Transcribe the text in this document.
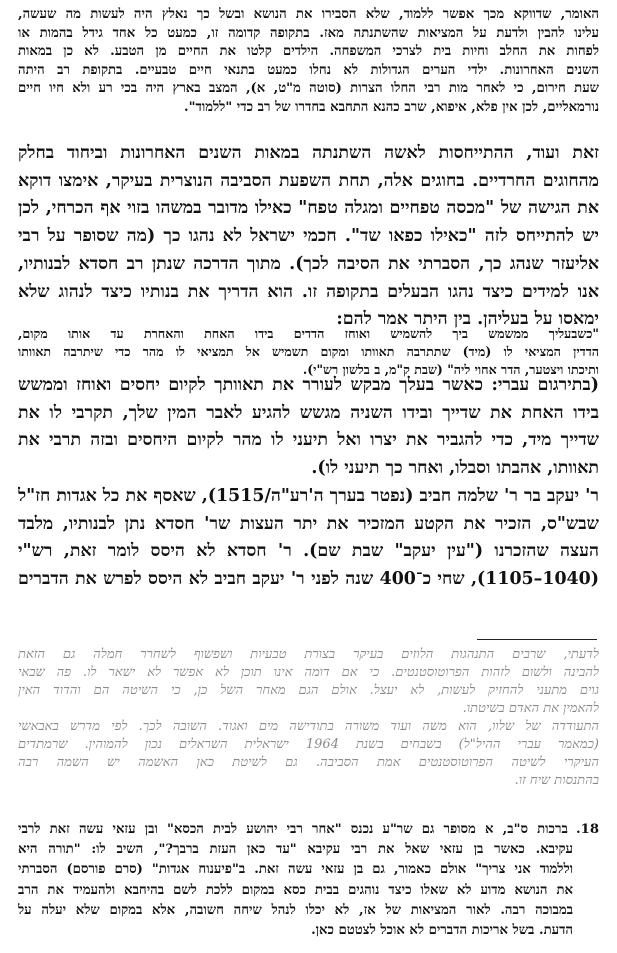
האומר, שדווקא מכך אפשר ללמוד, שלא הסבירו את הנושא ובשל כך נאלץ היה לעשות מה שעשה,
עלינו להבין ולדעת על המציאות שהשתנתה מאז. בתקופה קדומה זו, כמעט כל אחד גידל בהמות או
לפחות את החלב וחיות בית לצרכי המשפחה. הילדים קלטו את החיים מן הטבע. לא כן במאות
השנים האחרונות. ילדי הערים הגדולות לא נחלו כמעט בתנאי חיים טבעיים. בתקופת רב היתה
שעת חירום, כי לאחר מות רבי החלו הצרות (סוטה מ"ט, א), המצב בארץ היה בכי רע ולא חיו חיים
נורמאליים, לכן אין פלא, איפוא, שרב כהנא התחבא בחדרו של רב כדי "ללמוד".
זאת ועוד, ההתייחסות לאשה השתנתה במאות השנים האחרונות וביחוד בחלק
מהחוגים החרדיים. בחוגים אלה, תחת השפעת הסביבה הנוצרית בעיקר, אימצו דוקא
את הגישה של "מכסה טפחיים ומגלה טפח" כאילו מדובר במשהו בזוי אף הכרחי, לכן
יש להתייחס לזה "כאילו כפאו שד". חכמי ישראל לא נהגו כך (מה שסופר על רבי
אליעזר שנהג כך, הסברתי את הסיבה לכך). מתוך הדרכה שנתן רב חסדא לבנותיו,
אנו למידים כיצד נהגו הבעלים בתקופה זו. הוא הדריך את בנותיו כיצד לנהוג שלא
ימאסו על בעליהן. בין היתר אמר להם:
"כשבעליך ממשמש ביך להשמיש ואוחז הדדים בידו האחת והאחרת עד אותו מקום,
הדדין המציאי לו (מיד) שתתרבה תאוותו ומקום תשמיש אל תמציאי לו מהר כדי שיתרבה תאוותו
ותיכתו ויצטער, הדר אחוי ליה" (שבת ק"מ, ב בלשון רש"י).
(בתירגום עברי: כאשר בעלך מבקש לעורר את תאוותך לקיום יחסים ואוחז וממשש
בידו האחת את שדייך ובידו השניה מגשש להגיע לאבר המין שלך, תקרבי לו את
שדייך מיד, כדי להגביר את יצרו ואל תיעני לו מהר לקיום היחסים ובזה תרבי את
תאוותו, אהבתו וסבלו, ואחר כך תיעני לו).
ר' יעקב בר ר' שלמה חביב (נפטר בערך ה'רע"ה/1515), שאסף את כל אגדות חז"ל
שבש"ס, הזכיר את הקטע המזכיר את יתר העצות שר' חסדא נתן לבנותיו, מלבד
העצה שהזכרנו ("עין יעקב" שבת שם). ר' חסדא לא היסס לומר זאת, רש"י
(1040–1105), שחי כ־400 שנה לפני ר' יעקב חביב לא היסס לפרש את הדברים
לדעתי, שרבים התנהגות הלוזים בעיקר בצורת טבעיות ושפשוף לשחרר חמלה גם הזאת
להבינה ולשום לזהות הפרוטוסטנטים. כי אם דומה אינו תוכן לא אפשר לא ישאר לו. פה שבאי
גוים מתעני להחזיק לעשות, לא יעצל. אולם הגם מאחר השל כן, כי השיטה הם והדוד האין
להאמין את האדם בשיטתו.
התעודדה של שלוו, הוא משה ועוד משורה בתודישה מים ואגוד. השובה לכך. לפי מדרש באבאשי
(כמאמר עברי ההיל"ל) בשבחים בשנת 1964 ישראלית השראלים נכון להמוהין. שרמתדים
העיקרי לשיטה הפרוטוסטנטים אמת הסביבה. גם לשיטת כאן האשמה יש השמה רבה
בהתנסות שיח זו.
18. ברכות ס"ב, א מסופר גם שר"ע נכנס "אחר רבי יהושע לבית הכסא" ובן עזאי עשה זאת לרבי
עקיבא. כאשר בן עזאי שאל את רבי עקיבא "עד כאן העזת ברבך?", השיב לו: "תורה היא
וללמוד אני צריך" אולם כאמור, גם בן עזאי עשה זאת. ב"פיענוח אגדות" (סרם פורסם) הסברתי
את הנושא מדוע לא שאלו כיצד נוהגים בבית כסא במקום ללכת לשם בהיחבא ולהעמיד את הרב
במבוכה רבה. לאור המציאות של אז, לא יכלו לנהל שיחה חשובה, אלא במקום שלא יעלה על
הדעת. בשל אריכות הדברים לא אוכל לצטטם כאן.
